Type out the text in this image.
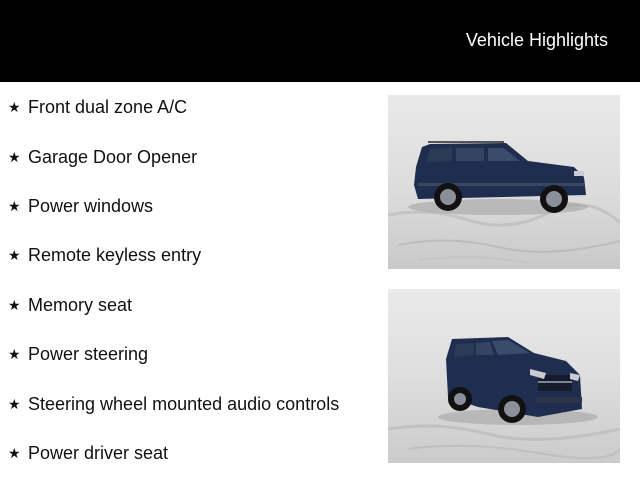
Vehicle Highlights
★ Front dual zone A/C
★ Garage Door Opener
★ Power windows
★ Remote keyless entry
★ Memory seat
★ Power steering
★ Steering wheel mounted audio controls
★ Power driver seat
